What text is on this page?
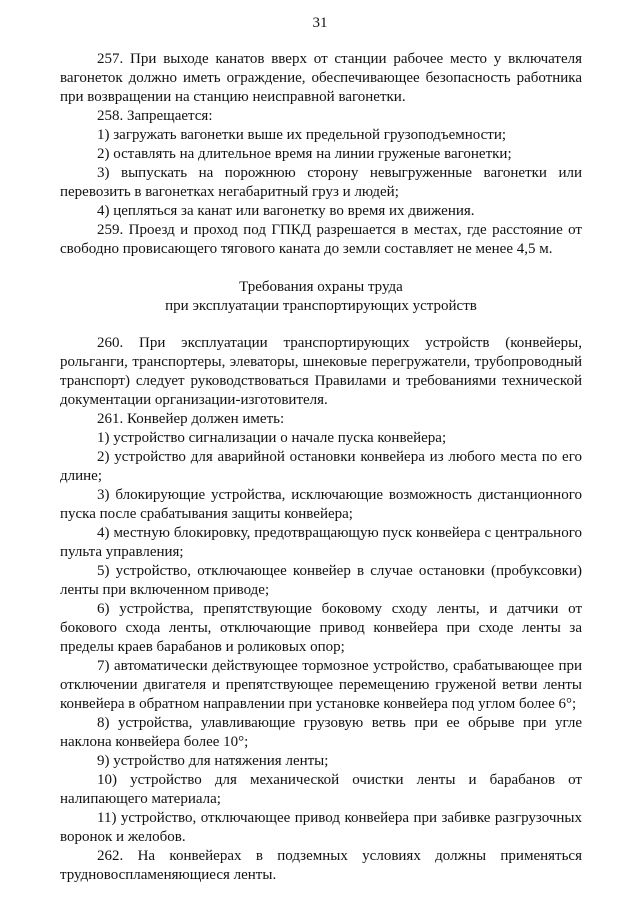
31

257. При выходе канатов вверх от станции рабочее место у включателя вагонеток должно иметь ограждение, обеспечивающее безопасность работника при возвращении на станцию неисправной вагонетки.

258. Запрещается:

1) загружать вагонетки выше их предельной грузоподъемности;

2) оставлять на длительное время на линии груженые вагонетки;

3) выпускать на порожнюю сторону невыгруженные вагонетки или перевозить в вагонетках негабаритный груз и людей;

4) цепляться за канат или вагонетку во время их движения.

259. Проезд и проход под ГПКД разрешается в местах, где расстояние от свободно провисающего тягового каната до земли составляет не менее 4,5 м.

Требования охраны труда
при эксплуатации транспортирующих устройств

260. При эксплуатации транспортирующих устройств (конвейеры, рольганги, транспортеры, элеваторы, шнековые перегружатели, трубопроводный транспорт) следует руководствоваться Правилами и требованиями технической документации организации-изготовителя.

261. Конвейер должен иметь:

1) устройство сигнализации о начале пуска конвейера;

2) устройство для аварийной остановки конвейера из любого места по его длине;

3) блокирующие устройства, исключающие возможность дистанционного пуска после срабатывания защиты конвейера;

4) местную блокировку, предотвращающую пуск конвейера с центрального пульта управления;

5) устройство, отключающее конвейер в случае остановки (пробуксовки) ленты при включенном приводе;

6) устройства, препятствующие боковому сходу ленты, и датчики от бокового схода ленты, отключающие привод конвейера при сходе ленты за пределы краев барабанов и роликовых опор;

7) автоматически действующее тормозное устройство, срабатывающее при отключении двигателя и препятствующее перемещению груженой ветви ленты конвейера в обратном направлении при установке конвейера под углом более 6°;

8) устройства, улавливающие грузовую ветвь при ее обрыве при угле наклона конвейера более 10°;

9) устройство для натяжения ленты;

10) устройство для механической очистки ленты и барабанов от налипающего материала;

11) устройство, отключающее привод конвейера при забивке разгрузочных воронок и желобов.

262. На конвейерах в подземных условиях должны применяться трудновоспламеняющиеся ленты.
